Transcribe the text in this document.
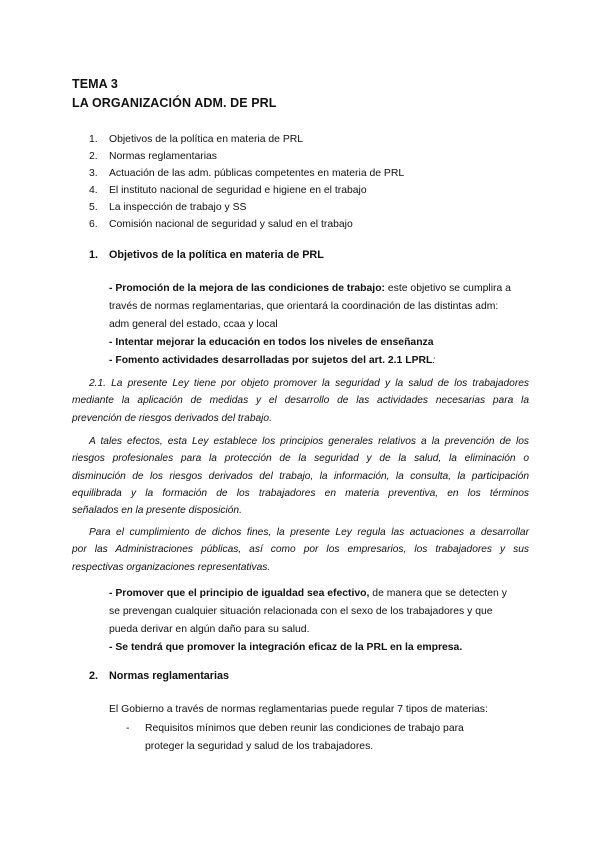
TEMA 3
LA ORGANIZACIÓN ADM. DE PRL
1. Objetivos de la política en materia de PRL
2. Normas reglamentarias
3. Actuación de las adm. públicas competentes en materia de PRL
4. El instituto nacional de seguridad e higiene en el trabajo
5. La inspección de trabajo y SS
6. Comisión nacional de seguridad y salud en el trabajo
1. Objetivos de la política en materia de PRL
- Promoción de la mejora de las condiciones de trabajo: este objetivo se cumplira a
través de normas reglamentarias, que orientará la coordinación de las distintas adm:
adm general del estado, ccaa y local
- Intentar mejorar la educación en todos los niveles de enseñanza
- Fomento actividades desarrolladas por sujetos del art. 2.1 LPRL:
2.1. La presente Ley tiene por objeto promover la seguridad y la salud de los trabajadores
mediante la aplicación de medidas y el desarrollo de las actividades necesarias para la
prevención de riesgos derivados del trabajo.
A tales efectos, esta Ley establece los principios generales relativos a la prevención de los
riesgos profesionales para la protección de la seguridad y de la salud, la eliminación o
disminución de los riesgos derivados del trabajo, la información, la consulta, la participación
equilibrada y la formación de los trabajadores en materia preventiva, en los términos
señalados en la presente disposición.
Para el cumplimiento de dichos fines, la presente Ley regula las actuaciones a desarrollar
por las Administraciones públicas, así como por los empresarios, los trabajadores y sus
respectivas organizaciones representativas.
- Promover que el principio de igualdad sea efectivo, de manera que se detecten y
se prevengan cualquier situación relacionada con el sexo de los trabajadores y que
pueda derivar en algún daño para su salud.
- Se tendrá que promover la integración eficaz de la PRL en la empresa.
2. Normas reglamentarias
El Gobierno a través de normas reglamentarias puede regular 7 tipos de materias:
- Requisitos mínimos que deben reunir las condiciones de trabajo para
proteger la seguridad y salud de los trabajadores.
